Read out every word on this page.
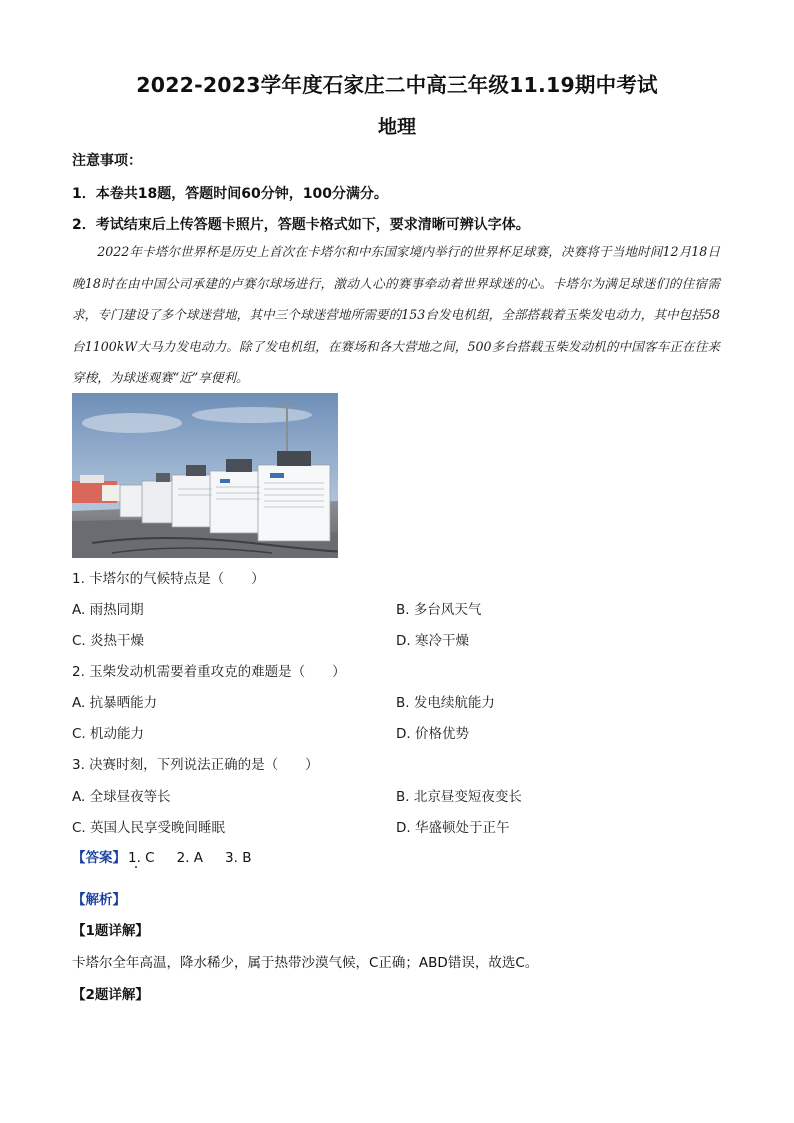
2022-2023学年度石家庄二中高三年级11.19期中考试
地理
注意事项：
1．本卷共18题，答题时间60分钟，100分满分。
2．考试结束后上传答题卡照片，答题卡格式如下，要求清晰可辨认字体。
2022年卡塔尔世界杯是历史上首次在卡塔尔和中东国家境内举行的世界杯足球赛，决赛将于当地时间12月18日晚18时在由中国公司承建的卢赛尔球场进行，激动人心的赛事牵动着世界球迷的心。卡塔尔为满足球迷们的住宿需求，专门建设了多个球迷营地，其中三个球迷营地所需要的153台发电机组，全部搭载着玉柴发电动力，其中包括58台1100kW大马力发电动力。除了发电机组，在赛场和各大营地之间，500多台搭载玉柴发动机的中国客车正在往来穿梭，为球迷观赛“近”享便利。
1. 卡塔尔的气候特点是（　　）
A. 雨热同期	B. 多台风天气
C. 炎热干燥	D. 寒冷干燥
2. 玉柴发动机需要着重攻克的难题是（　　）
A. 抗暴晒能力	B. 发电续航能力
C. 机动能力	D. 价格优势
3. 决赛时刻，下列说法正确的是（　　）
A. 全球昼夜等长	B. 北京昼变短夜变长
C. 英国人民享受晚间睡眠	D. 华盛顿处于正午
【答案】 1. C 2. A 3. B
【解析】
【1题详解】
卡塔尔全年高温，降水稀少，属于热带沙漠气候，C正确；ABD错误，故选C。
【2题详解】
